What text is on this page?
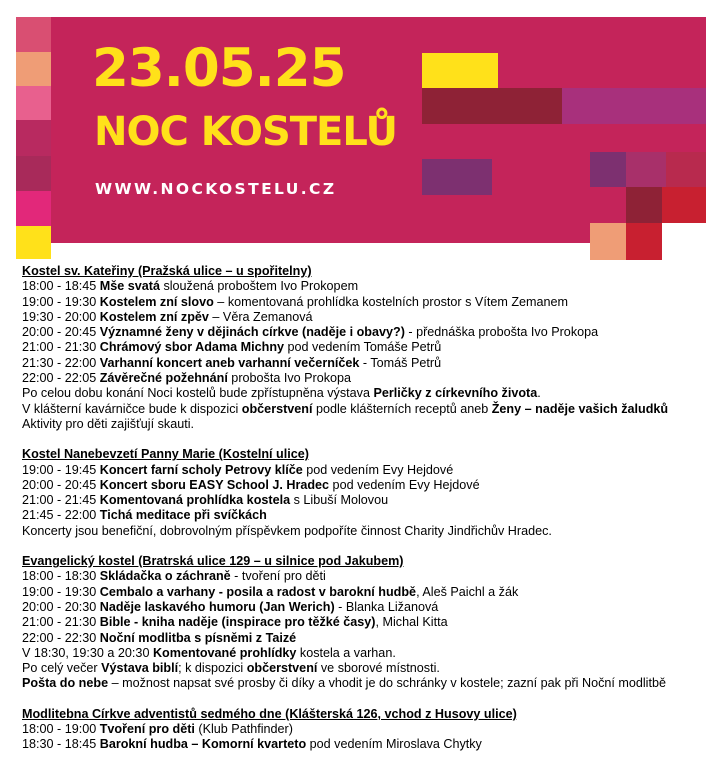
23.05.25
NOC KOSTELŮ
WWW.NOCKOSTELU.CZ
Kostel sv. Kateřiny (Pražská ulice – u spořitelny)
18:00 - 18:45 Mše svatá sloužená proboštem Ivo Prokopem
19:00 - 19:30 Kostelem zní slovo – komentovaná prohlídka kostelních prostor s Vítem Zemanem
19:30 - 20:00 Kostelem zní zpěv – Věra Zemanová
20:00 - 20:45 Významné ženy v dějinách církve (naděje i obavy?) - přednáška probošta Ivo Prokopa
21:00 - 21:30 Chrámový sbor Adama Michny pod vedením Tomáše Petrů
21:30 - 22:00 Varhanní koncert aneb varhanní večerníček - Tomáš Petrů
22:00 - 22:05 Závěrečné požehnání probošta Ivo Prokopa
Po celou dobu konání Noci kostelů bude zpřístupněna výstava Perličky z církevního života.
V klášterní kavárničce bude k dispozici občerstvení podle klášterních receptů aneb Ženy – naděje vašich žaludků
Aktivity pro děti zajišťují skauti.
Kostel Nanebevzetí Panny Marie (Kostelní ulice)
19:00 - 19:45 Koncert farní scholy Petrovy klíče pod vedením Evy Hejdové
20:00 - 20:45 Koncert sboru EASY School J. Hradec pod vedením Evy Hejdové
21:00 - 21:45 Komentovaná prohlídka kostela s Libuší Molovou
21:45 - 22:00 Tichá meditace při svíčkách
Koncerty jsou benefiční, dobrovolným příspěvkem podpoříte činnost Charity Jindřichův Hradec.
Evangelický kostel (Bratrská ulice 129 – u silnice pod Jakubem)
18:00 - 18:30 Skládačka o záchraně - tvoření pro děti
19:00 - 19:30 Cembalo a varhany - posila a radost v barokní hudbě, Aleš Paichl a žák
20:00 - 20:30 Naděje laskavého humoru (Jan Werich) - Blanka Ližanová
21:00 - 21:30 Bible - kniha naděje (inspirace pro těžké časy), Michal Kitta
22:00 - 22:30 Noční modlitba s písněmi z Taizé
V 18:30, 19:30 a 20:30 Komentované prohlídky kostela a varhan.
Po celý večer Výstava biblí; k dispozici občerstvení ve sborové místnosti.
Pošta do nebe – možnost napsat své prosby či díky a vhodit je do schránky v kostele; zazní pak při Noční modlitbě
Modlitebna Církve adventistů sedmého dne (Klášterská 126, vchod z Husovy ulice)
18:00 - 19:00 Tvoření pro děti (Klub Pathfinder)
18:30 - 18:45 Barokní hudba – Komorní kvarteto pod vedením Miroslava Chytky
